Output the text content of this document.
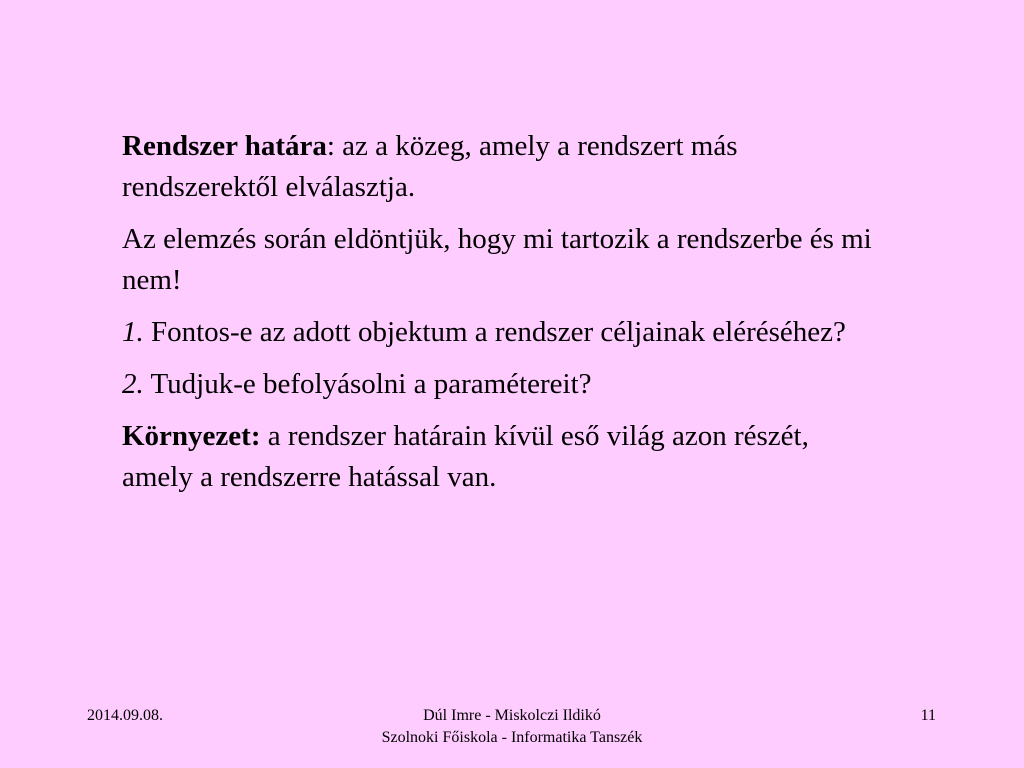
Rendszer határa: az a közeg, amely a rendszert más rendszerektől elválasztja.

Az elemzés során eldöntjük, hogy mi tartozik a rendszerbe és mi nem!

1. Fontos-e az adott objektum a rendszer céljainak eléréséhez?

2. Tudjuk-e befolyásolni a paramétereit?

Környezet: a rendszer határain kívül eső világ azon részét, amely a rendszerre hatással van.

2014.09.08.	Dúl Imre - Miskolczi Ildikó
Szolnoki Főiskola - Informatika Tanszék
11
